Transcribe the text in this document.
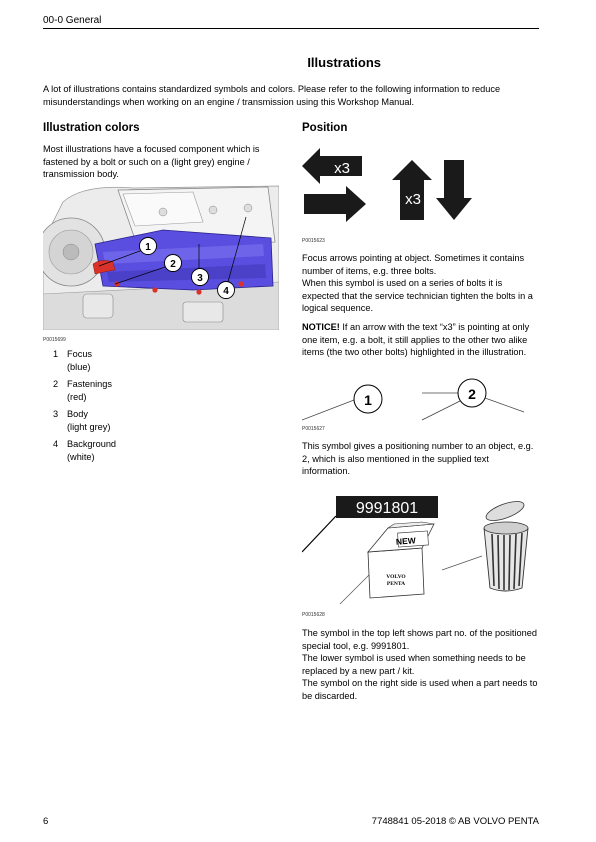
00-0 General
Illustrations
A lot of illustrations contains standardized symbols and colors. Please refer to the following information to reduce misunderstandings when working on an engine / transmission using this Workshop Manual.
Illustration colors
Most illustrations have a focused component which is fastened by a bolt or such on a (light grey) engine / transmission body.
1
2
3
4
P0015699
1 Focus
(blue)
2 Fastenings
(red)
3 Body
(light grey)
4 Background
(white)
Position
x3
x3
P0015623
Focus arrows pointing at object. Sometimes it contains number of items, e.g. three bolts.
When this symbol is used on a series of bolts it is expected that the service technician tighten the bolts in a logical sequence.
NOTICE! If an arrow with the text “x3” is pointing at only one item, e.g. a bolt, it still applies to the other two alike items (the two other bolts) highlighted in the illustration.
1	2
P0015627
This symbol gives a positioning number to an object, e.g. 2, which is also mentioned in the supplied text information.
9991801
NEW
VOLVO
PENTA
P0015628
The symbol in the top left shows part no. of the positioned special tool, e.g. 9991801.
The lower symbol is used when something needs to be replaced by a new part / kit.
The symbol on the right side is used when a part needs to be discarded.
6	7748841 05-2018 © AB VOLVO PENTA
